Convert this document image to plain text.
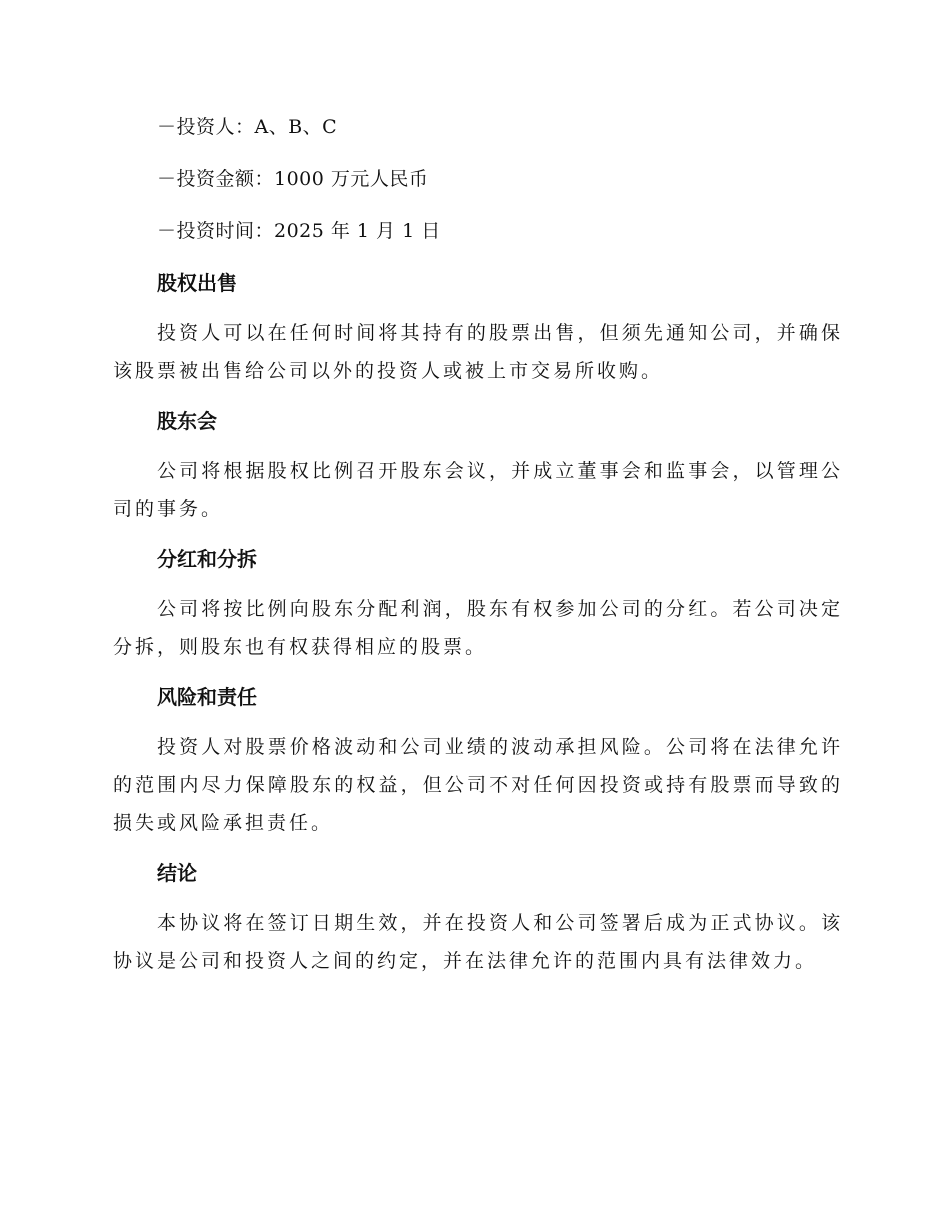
－投资人：A、B、C
－投资金额：1000 万元人民币
－投资时间：2025 年 1 月 1 日
股权出售

投资人可以在任何时间将其持有的股票出售，但须先通知公司，并确保该股票被出售给公司以外的投资人或被上市交易所收购。

股东会

公司将根据股权比例召开股东会议，并成立董事会和监事会，以管理公司的事务。

分红和分拆

公司将按比例向股东分配利润，股东有权参加公司的分红。若公司决定分拆，则股东也有权获得相应的股票。

风险和责任

投资人对股票价格波动和公司业绩的波动承担风险。公司将在法律允许的范围内尽力保障股东的权益，但公司不对任何因投资或持有股票而导致的损失或风险承担责任。

结论

本协议将在签订日期生效，并在投资人和公司签署后成为正式协议。该协议是公司和投资人之间的约定，并在法律允许的范围内具有法律效力。
